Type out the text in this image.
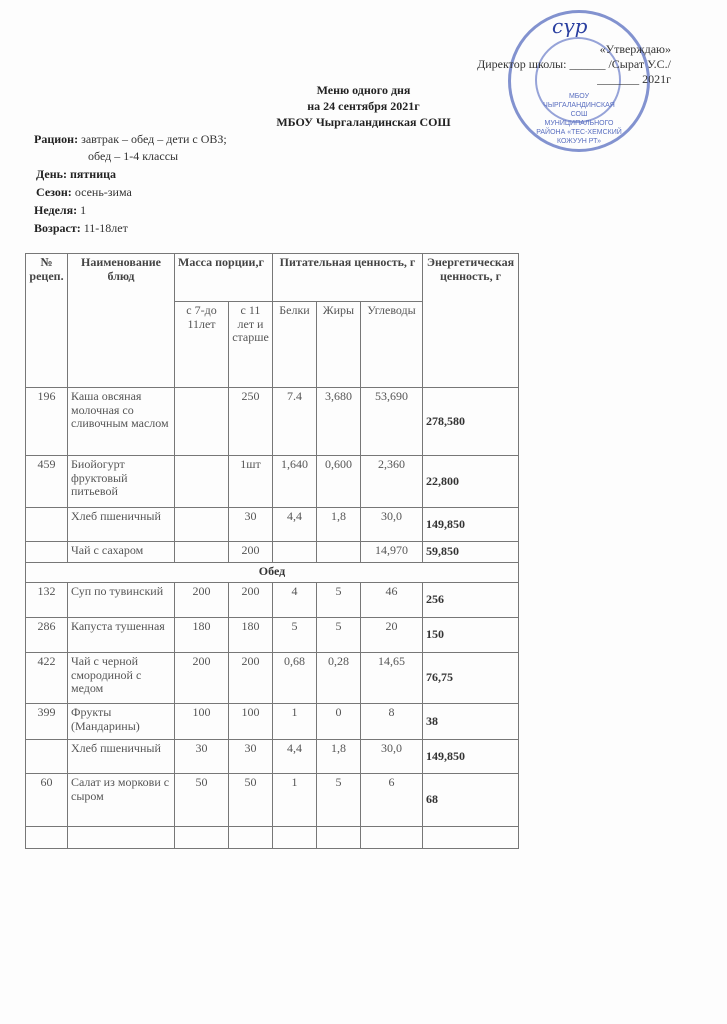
МБОУ ЧЫРГАЛАНДИНСКАЯ СОШ МУНИЦИПАЛЬНОГО РАЙОНА «ТЕС-ХЕМСКИЙ КОЖУУН РТ»
сүр
«Утверждаю»
Директор школы: ______ /Сырат У.С./
_______ 2021г
Меню одного дня
на 24 сентября 2021г
МБОУ Чыргаландинская СОШ
Рацион: завтрак – обед – дети с ОВЗ;
обед – 1-4 классы
День: пятница
Сезон: осень-зима
Неделя: 1
Возраст: 11-18лет
№ рецеп.	Наименование блюд	Масса порции,г		Питательная ценность, г			Энергетическая ценность, г
		с 7-до 11лет	с 11 лет и старше	Белки	Жиры	Углеводы	
196	Каша овсяная молочная со сливочным маслом		250	7.4	3,680	53,690	278,580
459	Биойогурт фруктовый питьевой		1шт	1,640	0,600	2,360	22,800
	Хлеб пшеничный		30	4,4	1,8	30,0	149,850
	Чай с сахаром		200			14,970	59,850
Обед							
132	Суп по тувинский	200	200	4	5	46	256
286	Капуста тушенная	180	180	5	5	20	150
422	Чай с черной смородиной с медом	200	200	0,68	0,28	14,65	76,75
399	Фрукты (Мандарины)	100	100	1	0	8	38
	Хлеб пшеничный	30	30	4,4	1,8	30,0	149,850
60	Салат из моркови с сыром	50	50	1	5	6	68
